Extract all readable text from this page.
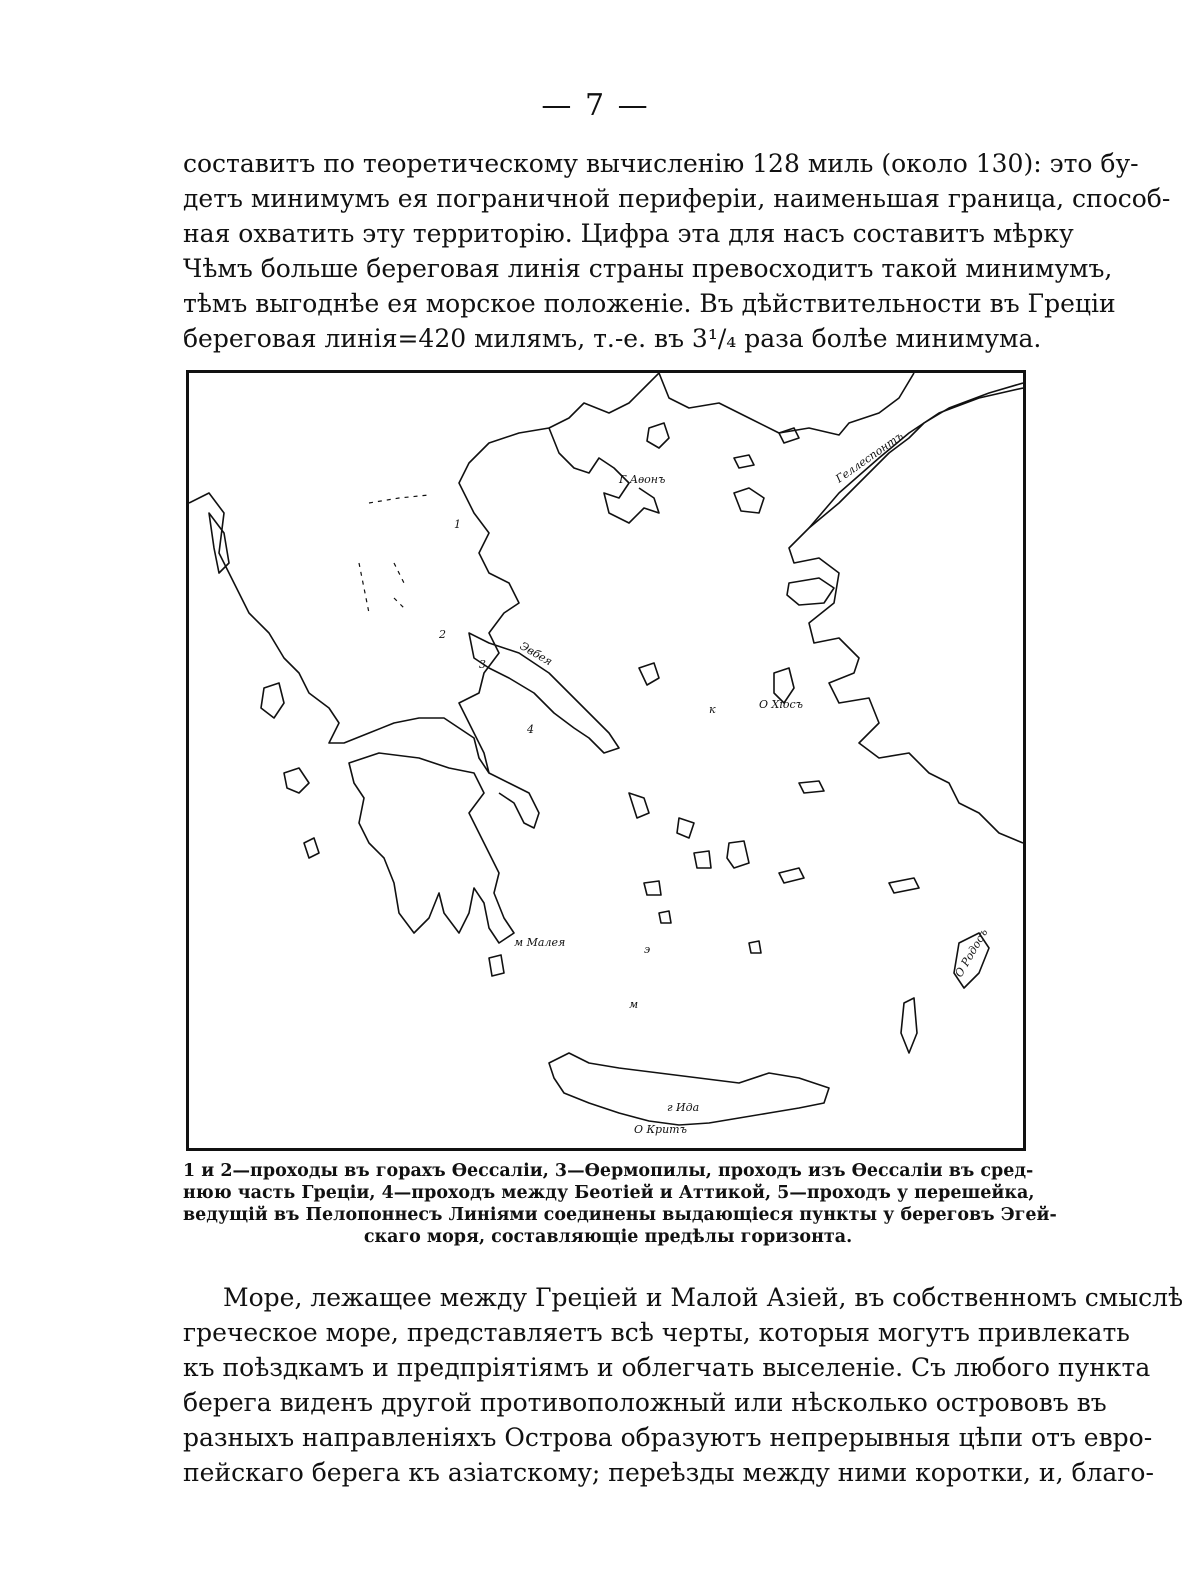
— 7 —
составитъ по теоретическому вычисленію 128 миль (около 130): это бу-
детъ минимумъ ея пограничной периферіи, наименьшая граница, способ-
ная охватить эту территорію. Цифра эта для насъ составитъ мѣрку
Чѣмъ больше береговая линія страны превосходитъ такой минимумъ,
тѣмъ выгоднѣе ея морское положеніе. Въ дѣйствительности въ Греціи
береговая линія=420 милямъ, т.-е. въ 3¹/₄ раза болѣе минимума.
Г Аѳонъ	Геллеспонтъ
Эвбея
О Хіосъ
м Малея	О Родосъ
г Ида
О Критъ
1
2
3
4
к
м
э
1 и 2—проходы въ горахъ Ѳессаліи, 3—Ѳермопилы, проходъ изъ Ѳессаліи въ сред-
нюю часть Греціи, 4—проходъ между Беотіей и Аттикой, 5—проходъ у перешейка,
ведущій въ Пелопоннесъ Линіями соединены выдающіеся пункты у береговъ Эгей-
скаго моря, составляющіе предѣлы горизонта.
Море, лежащее между Греціей и Малой Азіей, въ собственномъ смыслѣ
греческое море, представляетъ всѣ черты, которыя могутъ привлекать
къ поѣздкамъ и предпріятіямъ и облегчать выселеніе. Съ любого пункта
берега виденъ другой противоположный или нѣсколько острововъ въ
разныхъ направленіяхъ Острова образуютъ непрерывныя цѣпи отъ евро-
пейскаго берега къ азіатскому; переѣзды между ними коротки, и, благо-
